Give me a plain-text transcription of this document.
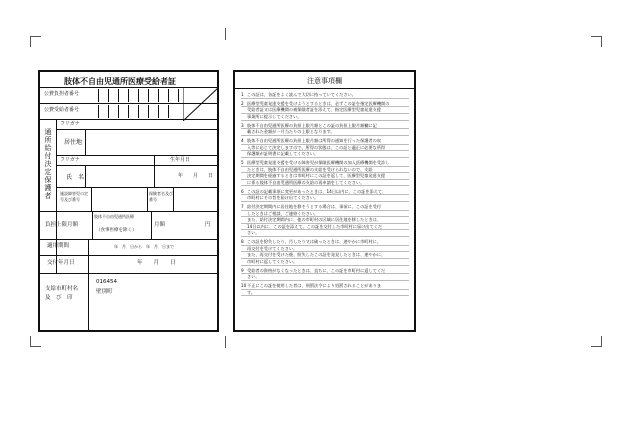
肢体不自由児通所医療受給者証
公費負担者番号
公費受給者番号
通所給付決定保護者
フリガナ
居住地
フリガナ	生年月日
氏　名	年　　月　　日
施設障害児の定号及び番号
保険者名及び番号
負担上限月額
肢体不自由児通所医療
（食事医療を除く）
月額	円
適用期間	年　月　日から　年　月　日まで
交付年月日	年　　月　　日
支給市町村名
及　び　印
016454
壁別町
注意事項欄
1 この証は、各証をよく読んで大切に持っていてください。
2 医療型児童発達支援を受けようとするときは、必ずこの証を指定医療機関の
受給者証又は医療機関の被保険者証を添えて、指定医療型児童発達支援
事業所に提示してください。
3 肢体不自由児通所医療の負担上限月額とこの証の負担上限月額欄に記
載された金額が一月当たりの上限となります。
4 肢体不自由児通所医療の負担上限月額は所得の通知を行った保護者の収
入等に応じて決定しますので、所得の状態は、この証と適正に必要な所得
保護額が証明書に記載してください。
5 医療型児童発達支援を受ける障害児が保険医療機関の加入医療機関を受診し
たときは、肢体不自由児通所医療の支給を受けられないので、支給
決定期間を経過するときは市町村にこの証を返して、医療型児童発達支援
に係る肢体不自由児通所医療の支給の再申請をしてください。
6 この証の記載事項に変更があったときは、14日以内に、この証を添えて、
市町村にその旨を届け出てください。
7 給付決定期間内に居住地を移そうとする場合は、事前に、この証を受付
したときはご相談、ご連絡ください。
また、給付決定期間内に、他の市町村の区域に居住地を移したときは、
14日以内に、この証を添えて、この証を交付した市町村に届け出てくだ
さい。
8 この証を紛失したり、汚したり又は破ったときは、速やかに市町村に、
再交付を受けてください。
また、再交付を受けた後、紛失したこの証を発見したときは、速やかに、
市町村に返してください。
9 受給者の資格がなくなったときは、直ちに、この証を市町村に返してくだ
さい。
10 不正にこの証を使用した者は、刑罰法令により処罰されることがありま
す。
